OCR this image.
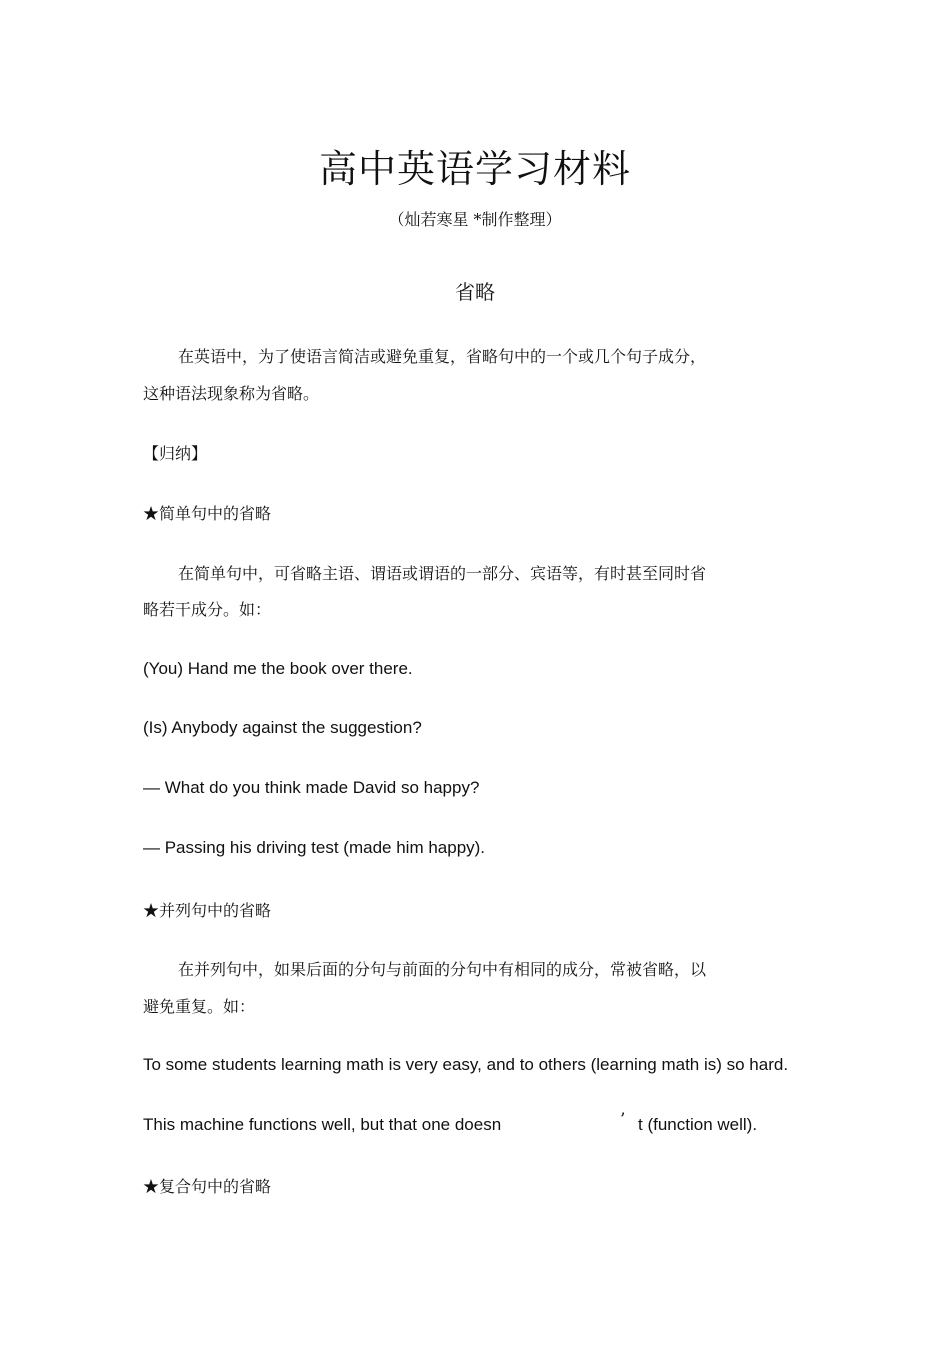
高中英语学习材料
（灿若寒星 *制作整理）
省略
在英语中，为了使语言简洁或避免重复，省略句中的一个或几个句子成分，
这种语法现象称为省略。
【归纳】
★简单句中的省略
在简单句中，可省略主语、谓语或谓语的一部分、宾语等，有时甚至同时省
略若干成分。如：
(You) Hand me the book over there.
(Is) Anybody against the suggestion?
— What do you think made David so happy?
— Passing his driving test (made him happy).
★并列句中的省略
在并列句中，如果后面的分句与前面的分句中有相同的成分，常被省略，以
避免重复。如：
To some students learning math is very easy, and to others (learning math is) so hard.
This machine functions well, but that one doesn	’ t (function well).
★复合句中的省略
